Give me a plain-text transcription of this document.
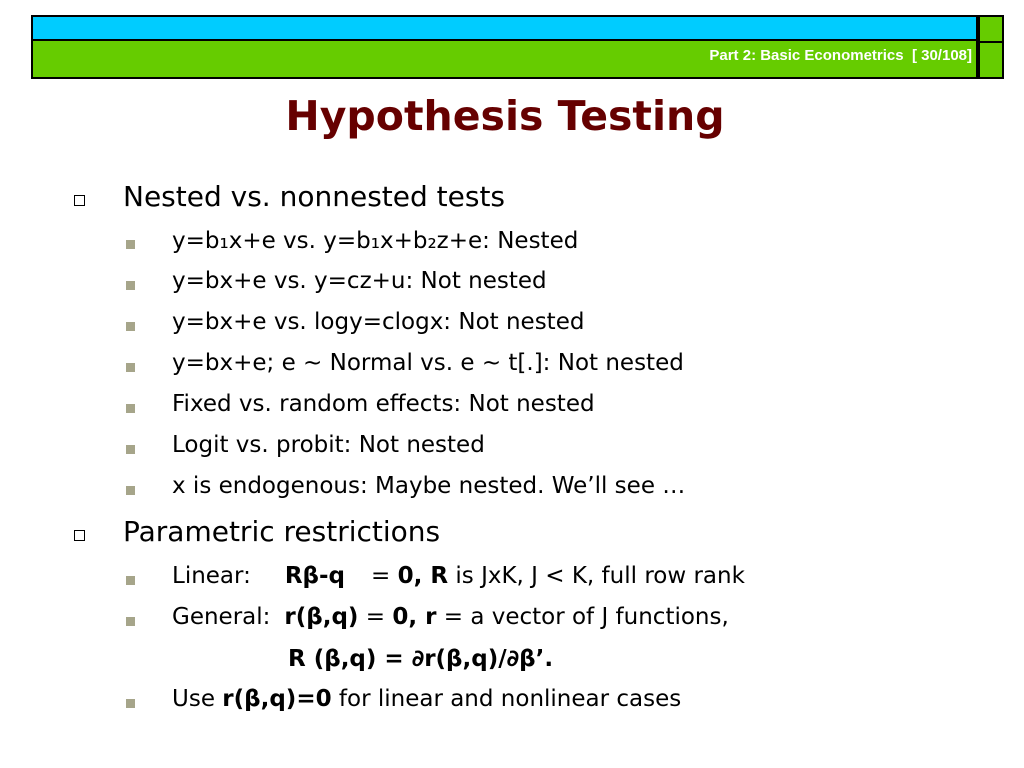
Part 2: Basic Econometrics  [ 30/108]
Hypothesis Testing
Nested vs. nonnested tests
y=b₁x+e vs. y=b₁x+b₂z+e: Nested
y=bx+e vs. y=cz+u: Not nested
y=bx+e vs. logy=clogx: Not nested
y=bx+e; e ~ Normal vs. e ~ t[.]: Not nested
Fixed vs. random effects: Not nested
Logit vs. probit: Not nested
x is endogenous: Maybe nested. We’ll see …
Parametric restrictions
Linear: Rβ-q = 0, R is JxK, J < K, full row rank
General: r(β,q) = 0, r = a vector of J functions,
R (β,q) = ∂r(β,q)/∂β’.
Use r(β,q)=0 for linear and nonlinear cases
